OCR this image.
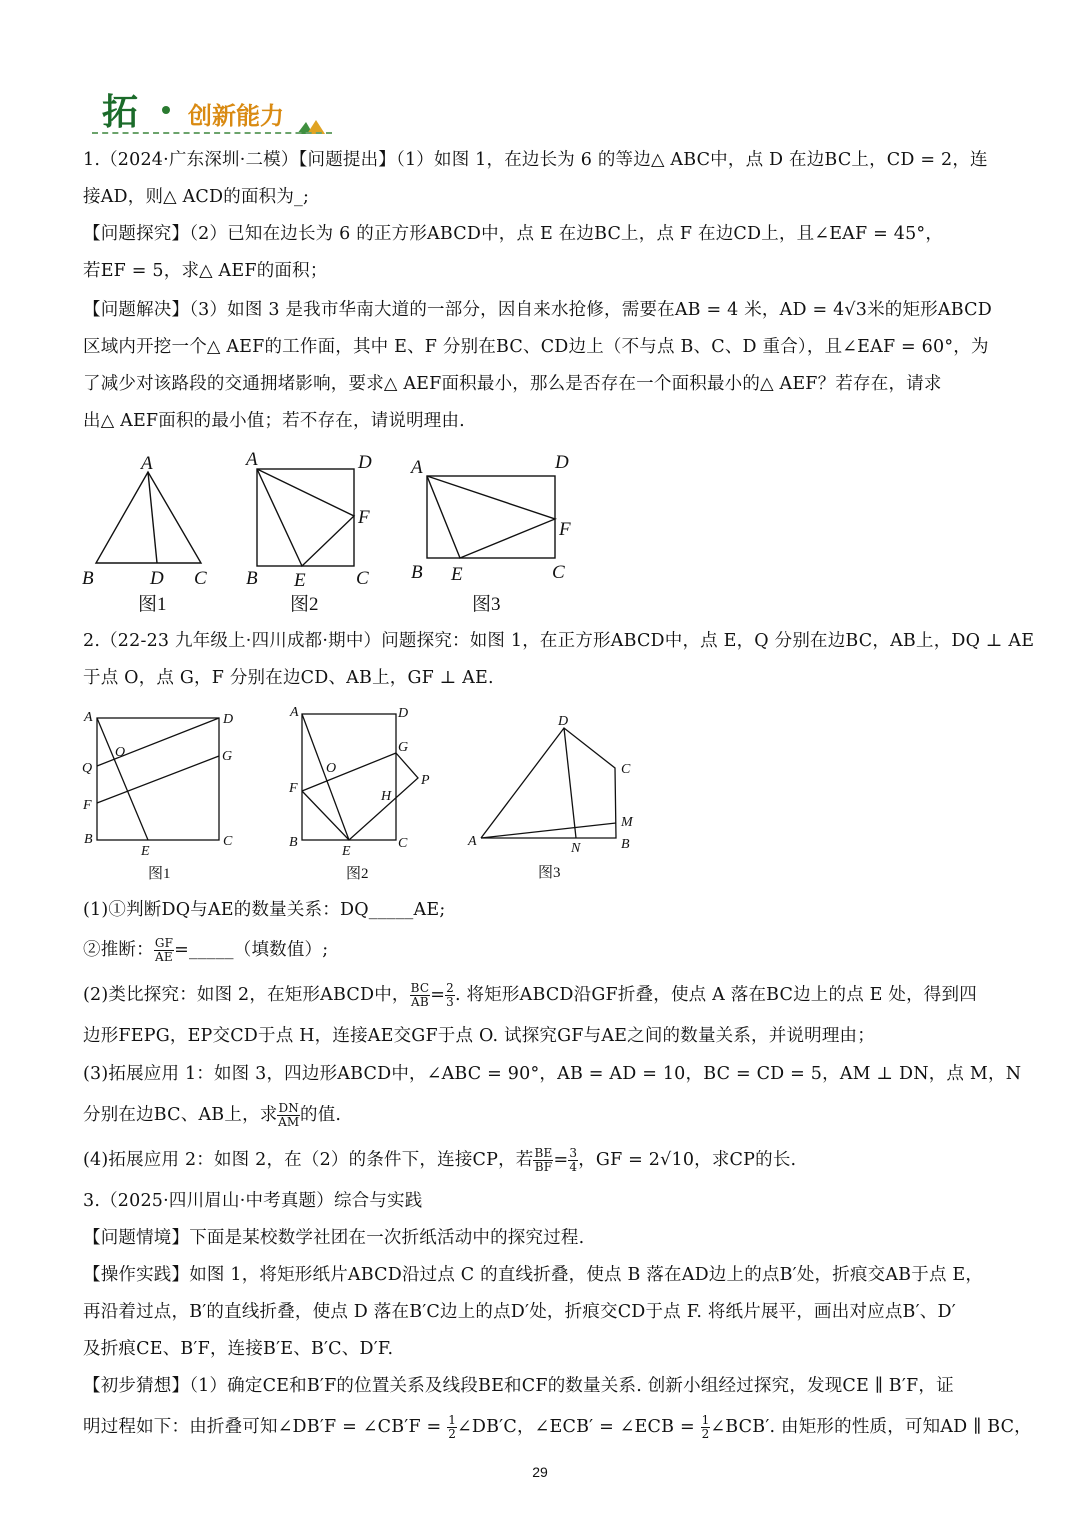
拓 创新能力
1.（2024·广东深圳·二模）【问题提出】（1）如图 1，在边长为 6 的等边△ ABC中，点 D 在边BC上，CD = 2，连
接AD，则△ ACD的面积为_;
【问题探究】（2）已知在边长为 6 的正方形ABCD中，点 E 在边BC上，点 F 在边CD上，且∠EAF = 45°，
若EF = 5，求△ AEF的面积；
【问题解决】（3）如图 3 是我市华南大道的一部分，因自来水抢修，需要在AB = 4 米，AD = 4√3米的矩形ABCD
区域内开挖一个△ AEF的工作面，其中 E、F 分别在BC、CD边上（不与点 B、C、D 重合），且∠EAF = 60°，为
了减少对该路段的交通拥堵影响，要求△ AEF面积最小，那么是否存在一个面积最小的△ AEF？若存在，请求
出△ AEF面积的最小值；若不存在，请说明理由.
A
B	D C
A	D
F
B E	C
A	D
F
B E	C
图1	图2	图3
2.（22-23 九年级上·四川成都·期中）问题探究：如图 1，在正方形ABCD中，点 E，Q 分别在边BC，AB上，DQ ⊥ AE
于点 O，点 G，F 分别在边CD、AB上，GF ⊥ AE.
A	D
O	G
Q
F
B
E
C
A	D
G
O
P
F
H
B
E
C
D
C
M
A	N	B
图1	图2	图3
(1)①判断DQ与AE的数量关系：DQ_____AE;
②推断： $\frac{GF}{AE}$ =_____（填数值）;
(2)类比探究：如图 2，在矩形ABCD中， $\frac{BC}{AB} = \frac{2}{3}$ . 将矩形ABCD沿GF折叠，使点 A 落在BC边上的点 E 处，得到四
边形FEPG，EP交CD于点 H，连接AE交GF于点 O. 试探究GF与AE之间的数量关系，并说明理由；
(3)拓展应用 1：如图 3，四边形ABCD中，∠ABC = 90°，AB = AD = 10，BC = CD = 5，AM ⊥ DN，点 M，N
分别在边BC、AB上，求 $\frac{DN}{AM}$ 的值.
(4)拓展应用 2：如图 2，在（2）的条件下，连接CP，若 $\frac{BE}{BF} = \frac{3}{4}$ ，GF = 2√10，求CP的长.
3.（2025·四川眉山·中考真题）综合与实践
【问题情境】下面是某校数学社团在一次折纸活动中的探究过程.
【操作实践】如图 1，将矩形纸片ABCD沿过点 C 的直线折叠，使点 B 落在AD边上的点B′处，折痕交AB于点 E，
再沿着过点，B′的直线折叠，使点 D 落在B′C边上的点D′处，折痕交CD于点 F. 将纸片展平，画出对应点B′、D′
及折痕CE、B′F，连接B′E、B′C、D′F.
【初步猜想】（1）确定CE和B′F的位置关系及线段BE和CF的数量关系. 创新小组经过探究，发现CE ∥ B′F，证
明过程如下：由折叠可知∠DB′F = ∠CB′F = $\frac{1}{2}$ ∠DB′C，∠ECB′ = ∠ECB = $\frac{1}{2}$ ∠BCB′. 由矩形的性质，可知AD ∥ BC，
29
